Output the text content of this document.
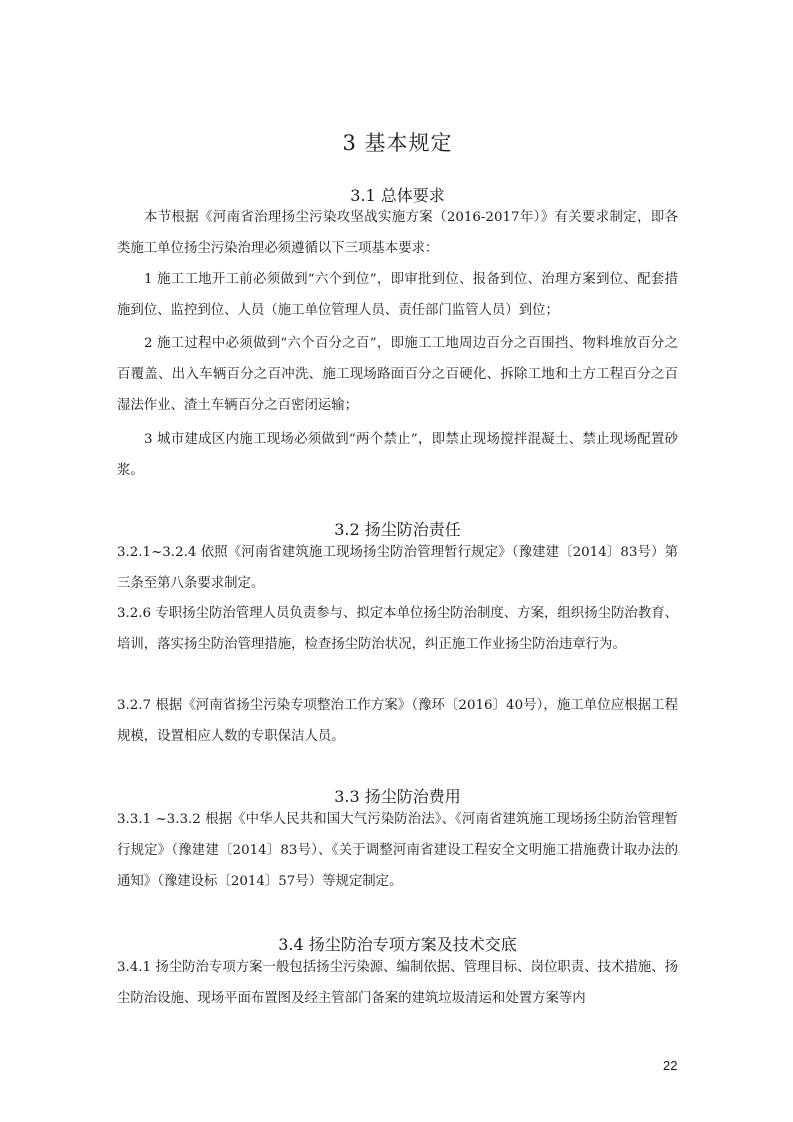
3 基本规定
3.1 总体要求

本节根据《河南省治理扬尘污染攻坚战实施方案（2016-2017年）》有关要求制定，即各类施工单位扬尘污染治理必须遵循以下三项基本要求：

1 施工工地开工前必须做到“六个到位”，即审批到位、报备到位、治理方案到位、配套措施到位、监控到位、人员（施工单位管理人员、责任部门监管人员）到位；

2 施工过程中必须做到“六个百分之百”，即施工工地周边百分之百围挡、物料堆放百分之百覆盖、出入车辆百分之百冲洗、施工现场路面百分之百硬化、拆除工地和土方工程百分之百湿法作业、渣土车辆百分之百密闭运输；

3 城市建成区内施工现场必须做到“两个禁止”，即禁止现场搅拌混凝土、禁止现场配置砂浆。

3.2 扬尘防治责任

3.2.1~3.2.4 依照《河南省建筑施工现场扬尘防治管理暂行规定》（豫建建〔2014〕83号）第三条至第八条要求制定。

3.2.6 专职扬尘防治管理人员负责参与、拟定本单位扬尘防治制度、方案，组织扬尘防治教育、培训，落实扬尘防治管理措施，检查扬尘防治状况，纠正施工作业扬尘防治违章行为。

3.2.7 根据《河南省扬尘污染专项整治工作方案》（豫环〔2016〕40号），施工单位应根据工程规模，设置相应人数的专职保洁人员。

3.3 扬尘防治费用

3.3.1 ~3.3.2 根据《中华人民共和国大气污染防治法》、《河南省建筑施工现场扬尘防治管理暂行规定》（豫建建〔2014〕83号）、《关于调整河南省建设工程安全文明施工措施费计取办法的通知》（豫建设标〔2014〕57号）等规定制定。

3.4 扬尘防治专项方案及技术交底

3.4.1 扬尘防治专项方案一般包括扬尘污染源、编制依据、管理目标、岗位职责、技术措施、扬尘防治设施、现场平面布置图及经主管部门备案的建筑垃圾清运和处置方案等内

22
